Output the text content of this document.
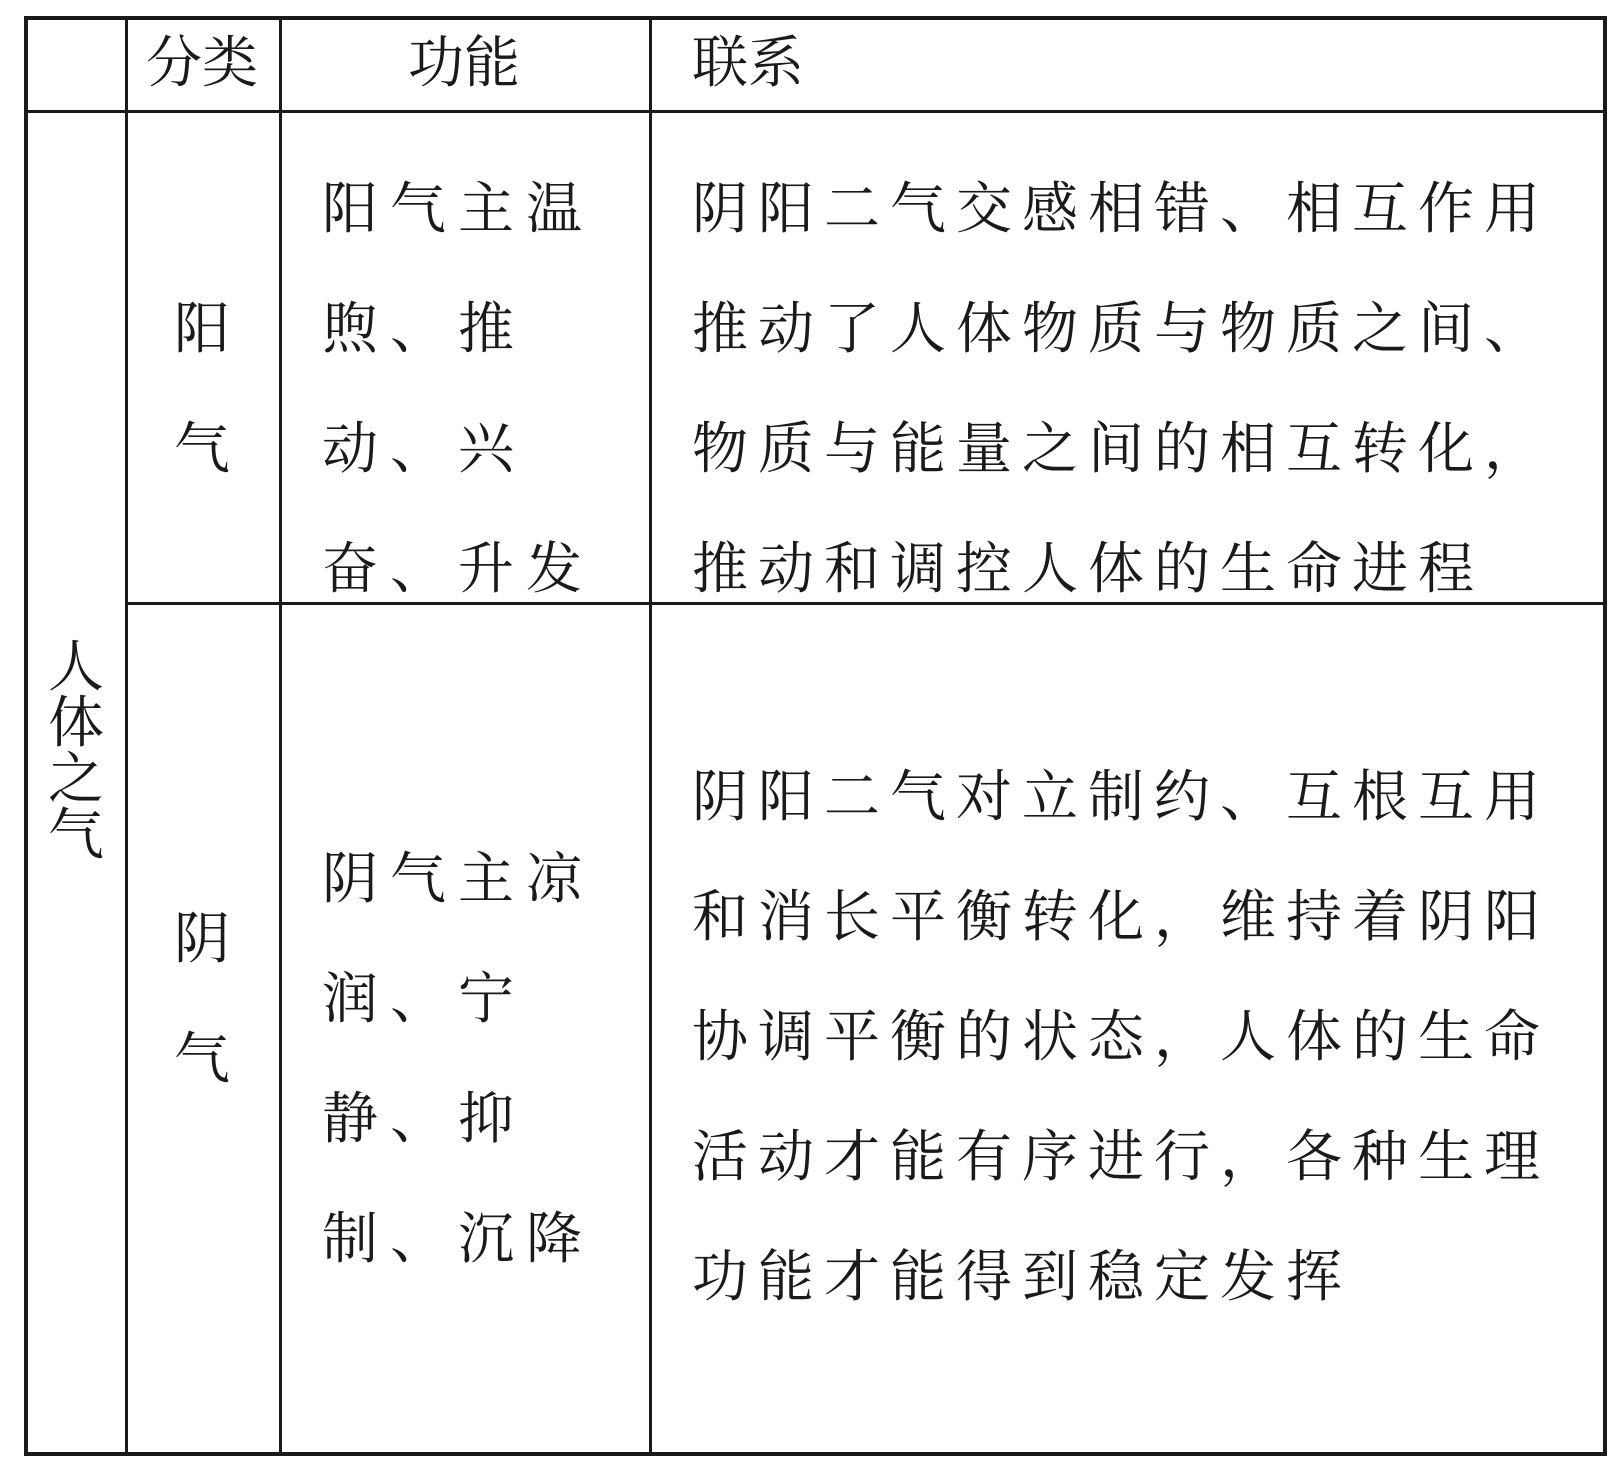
分类	功能	联系
人体之气
阳气
阳气主温煦、推动、兴奋、升发
阴阳二气交感相错、相互作用推动了人体物质与物质之间、物质与能量之间的相互转化，推动和调控人体的生命进程
阴气
阴气主凉润、宁静、抑制、沉降
阴阳二气对立制约、互根互用和消长平衡转化，维持着阴阳协调平衡的状态，人体的生命活动才能有序进行，各种生理功能才能得到稳定发挥
